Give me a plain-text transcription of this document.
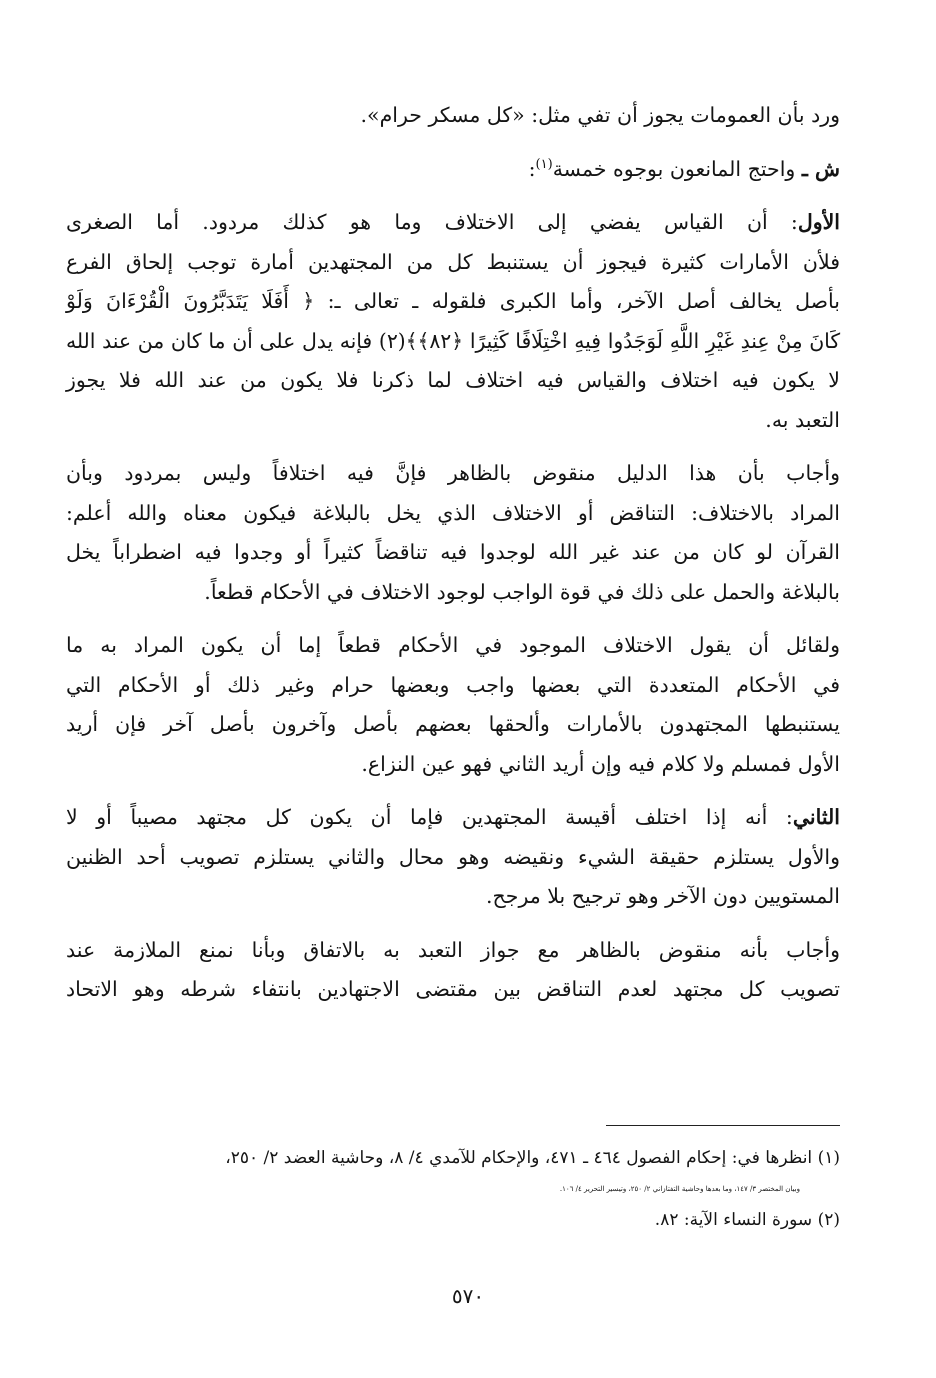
ورد بأن العمومات يجوز أن تفي مثل: «كل مسكر حرام».
ش ـ واحتج المانعون بوجوه خمسة$^{(١)}$:
الأول: أن القياس يفضي إلى الاختلاف وما هو كذلك مردود. أما الصغرى
فلأن الأمارات كثيرة فيجوز أن يستنبط كل من المجتهدين أمارة توجب إلحاق الفرع
بأصل يخالف أصل الآخر، وأما الكبرى فلقوله ـ تعالى ـ: ﴿ أَفَلَا يَتَدَبَّرُونَ الْقُرْءَانَ وَلَوْ
كَانَ مِنْ عِندِ غَيْرِ اللَّهِ لَوَجَدُوا فِيهِ اخْتِلَافًا كَثِيرًا ﴿٨٢﴾﴾(٢) فإنه يدل على أن ما كان من عند الله
لا يكون فيه اختلاف والقياس فيه اختلاف لما ذكرنا فلا يكون من عند الله فلا يجوز
التعبد به.
وأجاب بأن هذا الدليل منقوض بالظاهر فإنَّ فيه اختلافاً وليس بمردود وبأن
المراد بالاختلاف: التناقض أو الاختلاف الذي يخل بالبلاغة فيكون معناه والله أعلم:
القرآن لو كان من عند غير الله لوجدوا فيه تناقضاً كثيراً أو وجدوا فيه اضطراباً يخل
بالبلاغة والحمل على ذلك في قوة الواجب لوجود الاختلاف في الأحكام قطعاً.
ولقائل أن يقول الاختلاف الموجود في الأحكام قطعاً إما أن يكون المراد به ما
في الأحكام المتعددة التي بعضها واجب وبعضها حرام وغير ذلك أو الأحكام التي
يستنبطها المجتهدون بالأمارات وألحقها بعضهم بأصل وآخرون بأصل آخر فإن أريد
الأول فمسلم ولا كلام فيه وإن أريد الثاني فهو عين النزاع.
الثاني: أنه إذا اختلف أقيسة المجتهدين فإما أن يكون كل مجتهد مصيباً أو لا
والأول يستلزم حقيقة الشيء ونقيضه وهو محال والثاني يستلزم تصويب أحد الظنين
المستويين دون الآخر وهو ترجيح بلا مرجح.
وأجاب بأنه منقوض بالظاهر مع جواز التعبد به بالاتفاق وبأنا نمنع الملازمة عند
تصويب كل مجتهد لعدم التناقض بين مقتضى الاجتهادين بانتفاء شرطه وهو الاتحاد
(١) انظرها في: إحكام الفصول ٤٦٤ ـ ٤٧١، والإحكام للآمدي ٤/ ٨، وحاشية العضد ٢/ ٢٥٠،
وبيان المختصر ٣/ ١٤٧، وما بعدها وحاشية التفتازاني ٢/ ٢٥٠، وتيسير التحرير ٤/ ١٠٦.
(٢) سورة النساء الآية: ٨٢.
٥٧٠
